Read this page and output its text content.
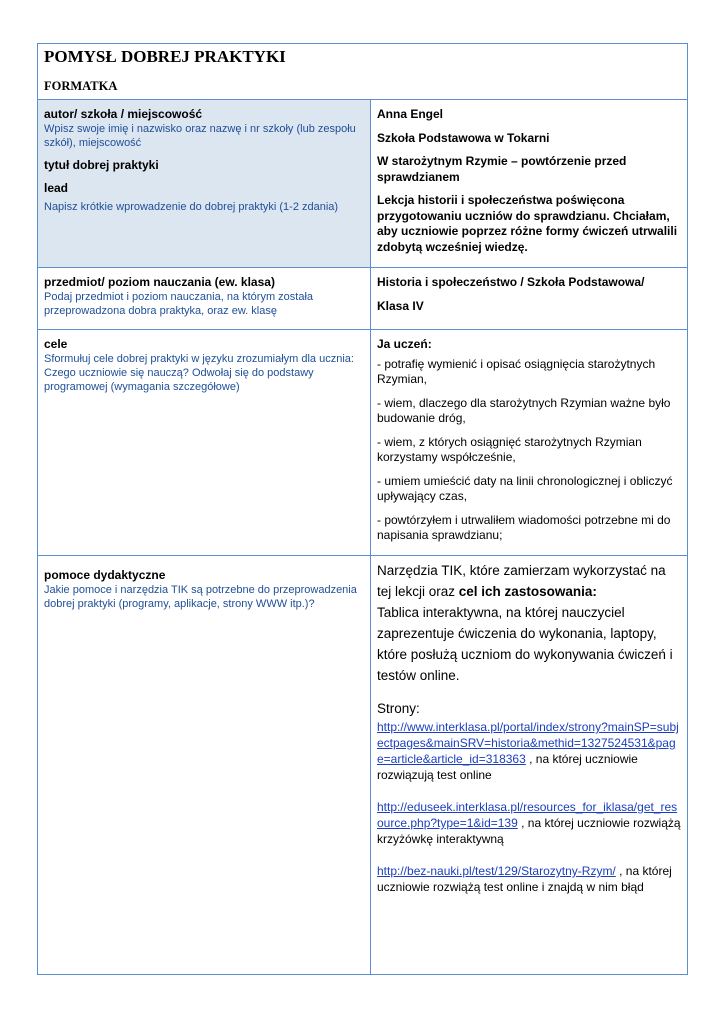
POMYSŁ DOBREJ PRAKTYKI
FORMATKA
autor/ szkoła / miejscowość
Wpisz swoje imię i nazwisko oraz nazwę i nr szkoły (lub zespołu szkół), miejscowość
tytuł dobrej praktyki
lead
Napisz krótkie wprowadzenie do dobrej praktyki (1-2 zdania)
Anna Engel
Szkoła Podstawowa w Tokarni
W starożytnym Rzymie – powtórzenie przed sprawdzianem
Lekcja historii i społeczeństwa poświęcona przygotowaniu uczniów do sprawdzianu. Chciałam, aby uczniowie poprzez różne formy ćwiczeń utrwalili zdobytą wcześniej wiedzę.
przedmiot/ poziom nauczania (ew. klasa)
Podaj przedmiot i poziom nauczania, na którym została przeprowadzona dobra praktyka, oraz ew. klasę
Historia i społeczeństwo / Szkoła Podstawowa/
Klasa IV
cele
Sformułuj cele dobrej praktyki w języku zrozumiałym dla ucznia: Czego uczniowie się nauczą? Odwołaj się do podstawy programowej (wymagania szczegółowe)
Ja uczeń:
- potrafię wymienić i opisać osiągnięcia starożytnych Rzymian,
- wiem, dlaczego dla starożytnych Rzymian ważne było budowanie dróg,
- wiem, z których osiągnięć starożytnych Rzymian korzystamy współcześnie,
- umiem umieścić daty na linii chronologicznej i obliczyć upływający czas,
- powtórzyłem i utrwaliłem wiadomości potrzebne mi do napisania sprawdzianu;
pomoce dydaktyczne
Jakie pomoce i narzędzia TIK są potrzebne do przeprowadzenia dobrej praktyki (programy, aplikacje, strony WWW itp.)?
Narzędzia TIK, które zamierzam wykorzystać na tej lekcji oraz cel ich zastosowania:
Tablica interaktywna, na której nauczyciel zaprezentuje ćwiczenia do wykonania, laptopy, które posłużą uczniom do wykonywania ćwiczeń i testów online.
Strony:
http://www.interklasa.pl/portal/index/strony?mainSP=subjectpages&mainSRV=historia&methid=1327524531&page=article&article_id=318363 , na której uczniowie rozwiązują test online
http://eduseek.interklasa.pl/resources_for_iklasa/get_resource.php?type=1&id=139 , na której uczniowie rozwiążą krzyżówkę interaktywną
http://bez-nauki.pl/test/129/Starozytny-Rzym/ , na której uczniowie rozwiążą test online i znajdą w nim błąd
